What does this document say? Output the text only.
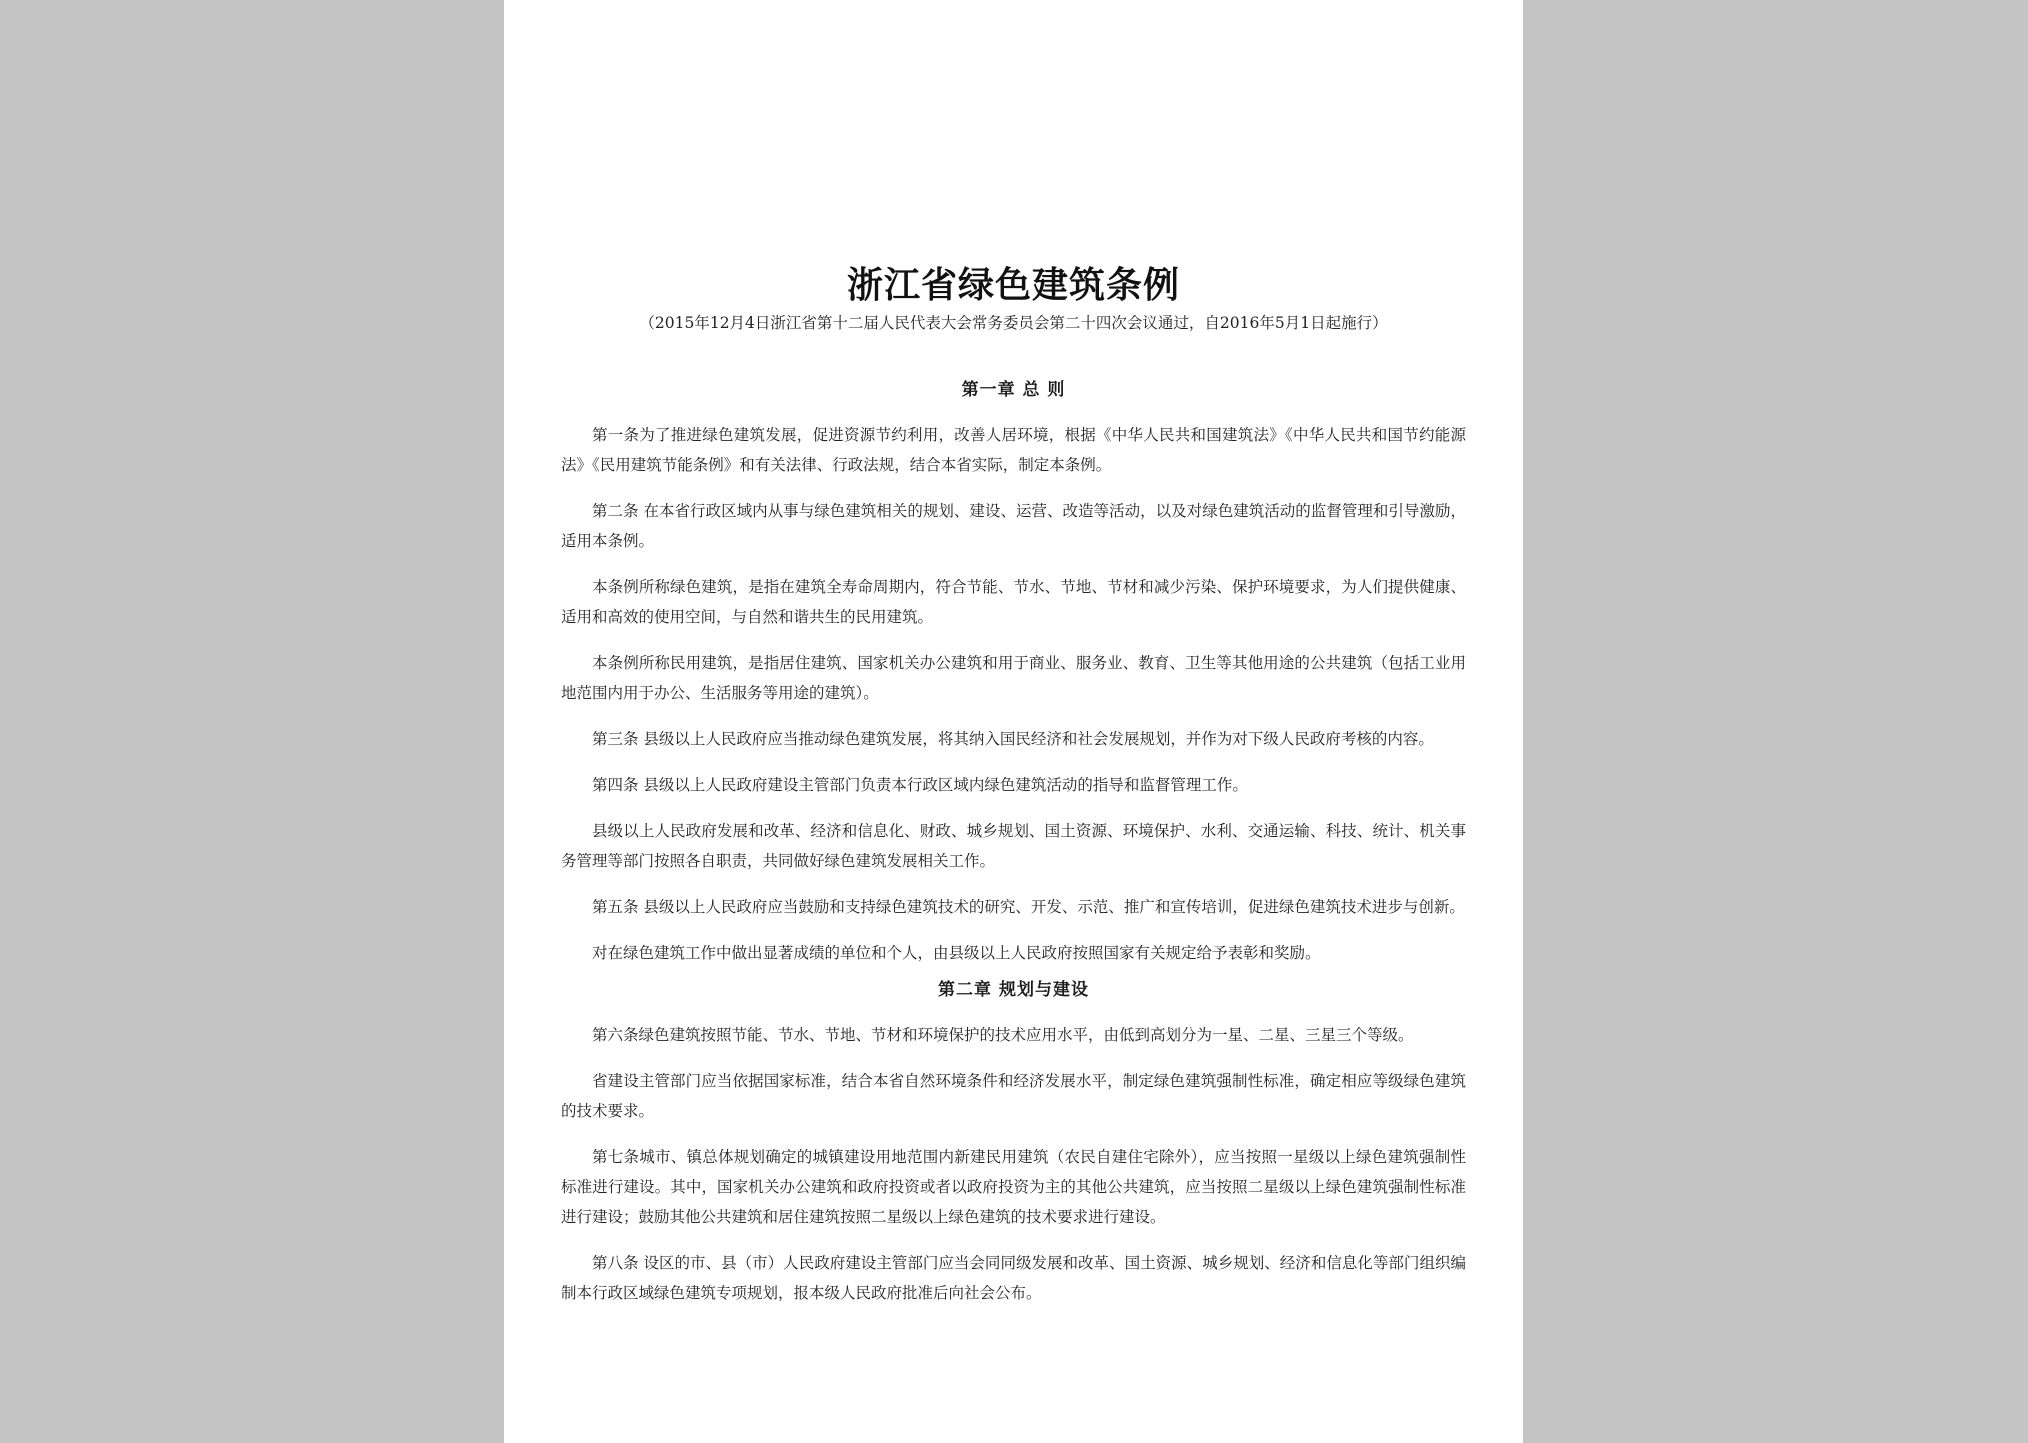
浙江省绿色建筑条例

（2015年12月4日浙江省第十二届人民代表大会常务委员会第二十四次会议通过，自2016年5月1日起施行）

第一章 总 则

第一条为了推进绿色建筑发展，促进资源节约利用，改善人居环境，根据《中华人民共和国建筑法》《中华人民共和国节约能源法》《民用建筑节能条例》和有关法律、行政法规，结合本省实际，制定本条例。

第二条 在本省行政区域内从事与绿色建筑相关的规划、建设、运营、改造等活动，以及对绿色建筑活动的监督管理和引导激励，适用本条例。

本条例所称绿色建筑，是指在建筑全寿命周期内，符合节能、节水、节地、节材和减少污染、保护环境要求，为人们提供健康、适用和高效的使用空间，与自然和谐共生的民用建筑。

本条例所称民用建筑，是指居住建筑、国家机关办公建筑和用于商业、服务业、教育、卫生等其他用途的公共建筑（包括工业用地范围内用于办公、生活服务等用途的建筑）。

第三条 县级以上人民政府应当推动绿色建筑发展，将其纳入国民经济和社会发展规划，并作为对下级人民政府考核的内容。

第四条 县级以上人民政府建设主管部门负责本行政区域内绿色建筑活动的指导和监督管理工作。

县级以上人民政府发展和改革、经济和信息化、财政、城乡规划、国土资源、环境保护、水利、交通运输、科技、统计、机关事务管理等部门按照各自职责，共同做好绿色建筑发展相关工作。

第五条 县级以上人民政府应当鼓励和支持绿色建筑技术的研究、开发、示范、推广和宣传培训，促进绿色建筑技术进步与创新。

对在绿色建筑工作中做出显著成绩的单位和个人，由县级以上人民政府按照国家有关规定给予表彰和奖励。

第二章 规划与建设

第六条绿色建筑按照节能、节水、节地、节材和环境保护的技术应用水平，由低到高划分为一星、二星、三星三个等级。

省建设主管部门应当依据国家标准，结合本省自然环境条件和经济发展水平，制定绿色建筑强制性标准，确定相应等级绿色建筑的技术要求。

第七条城市、镇总体规划确定的城镇建设用地范围内新建民用建筑（农民自建住宅除外），应当按照一星级以上绿色建筑强制性标准进行建设。其中，国家机关办公建筑和政府投资或者以政府投资为主的其他公共建筑，应当按照二星级以上绿色建筑强制性标准进行建设；鼓励其他公共建筑和居住建筑按照二星级以上绿色建筑的技术要求进行建设。

第八条 设区的市、县（市）人民政府建设主管部门应当会同同级发展和改革、国土资源、城乡规划、经济和信息化等部门组织编制本行政区域绿色建筑专项规划，报本级人民政府批准后向社会公布。
